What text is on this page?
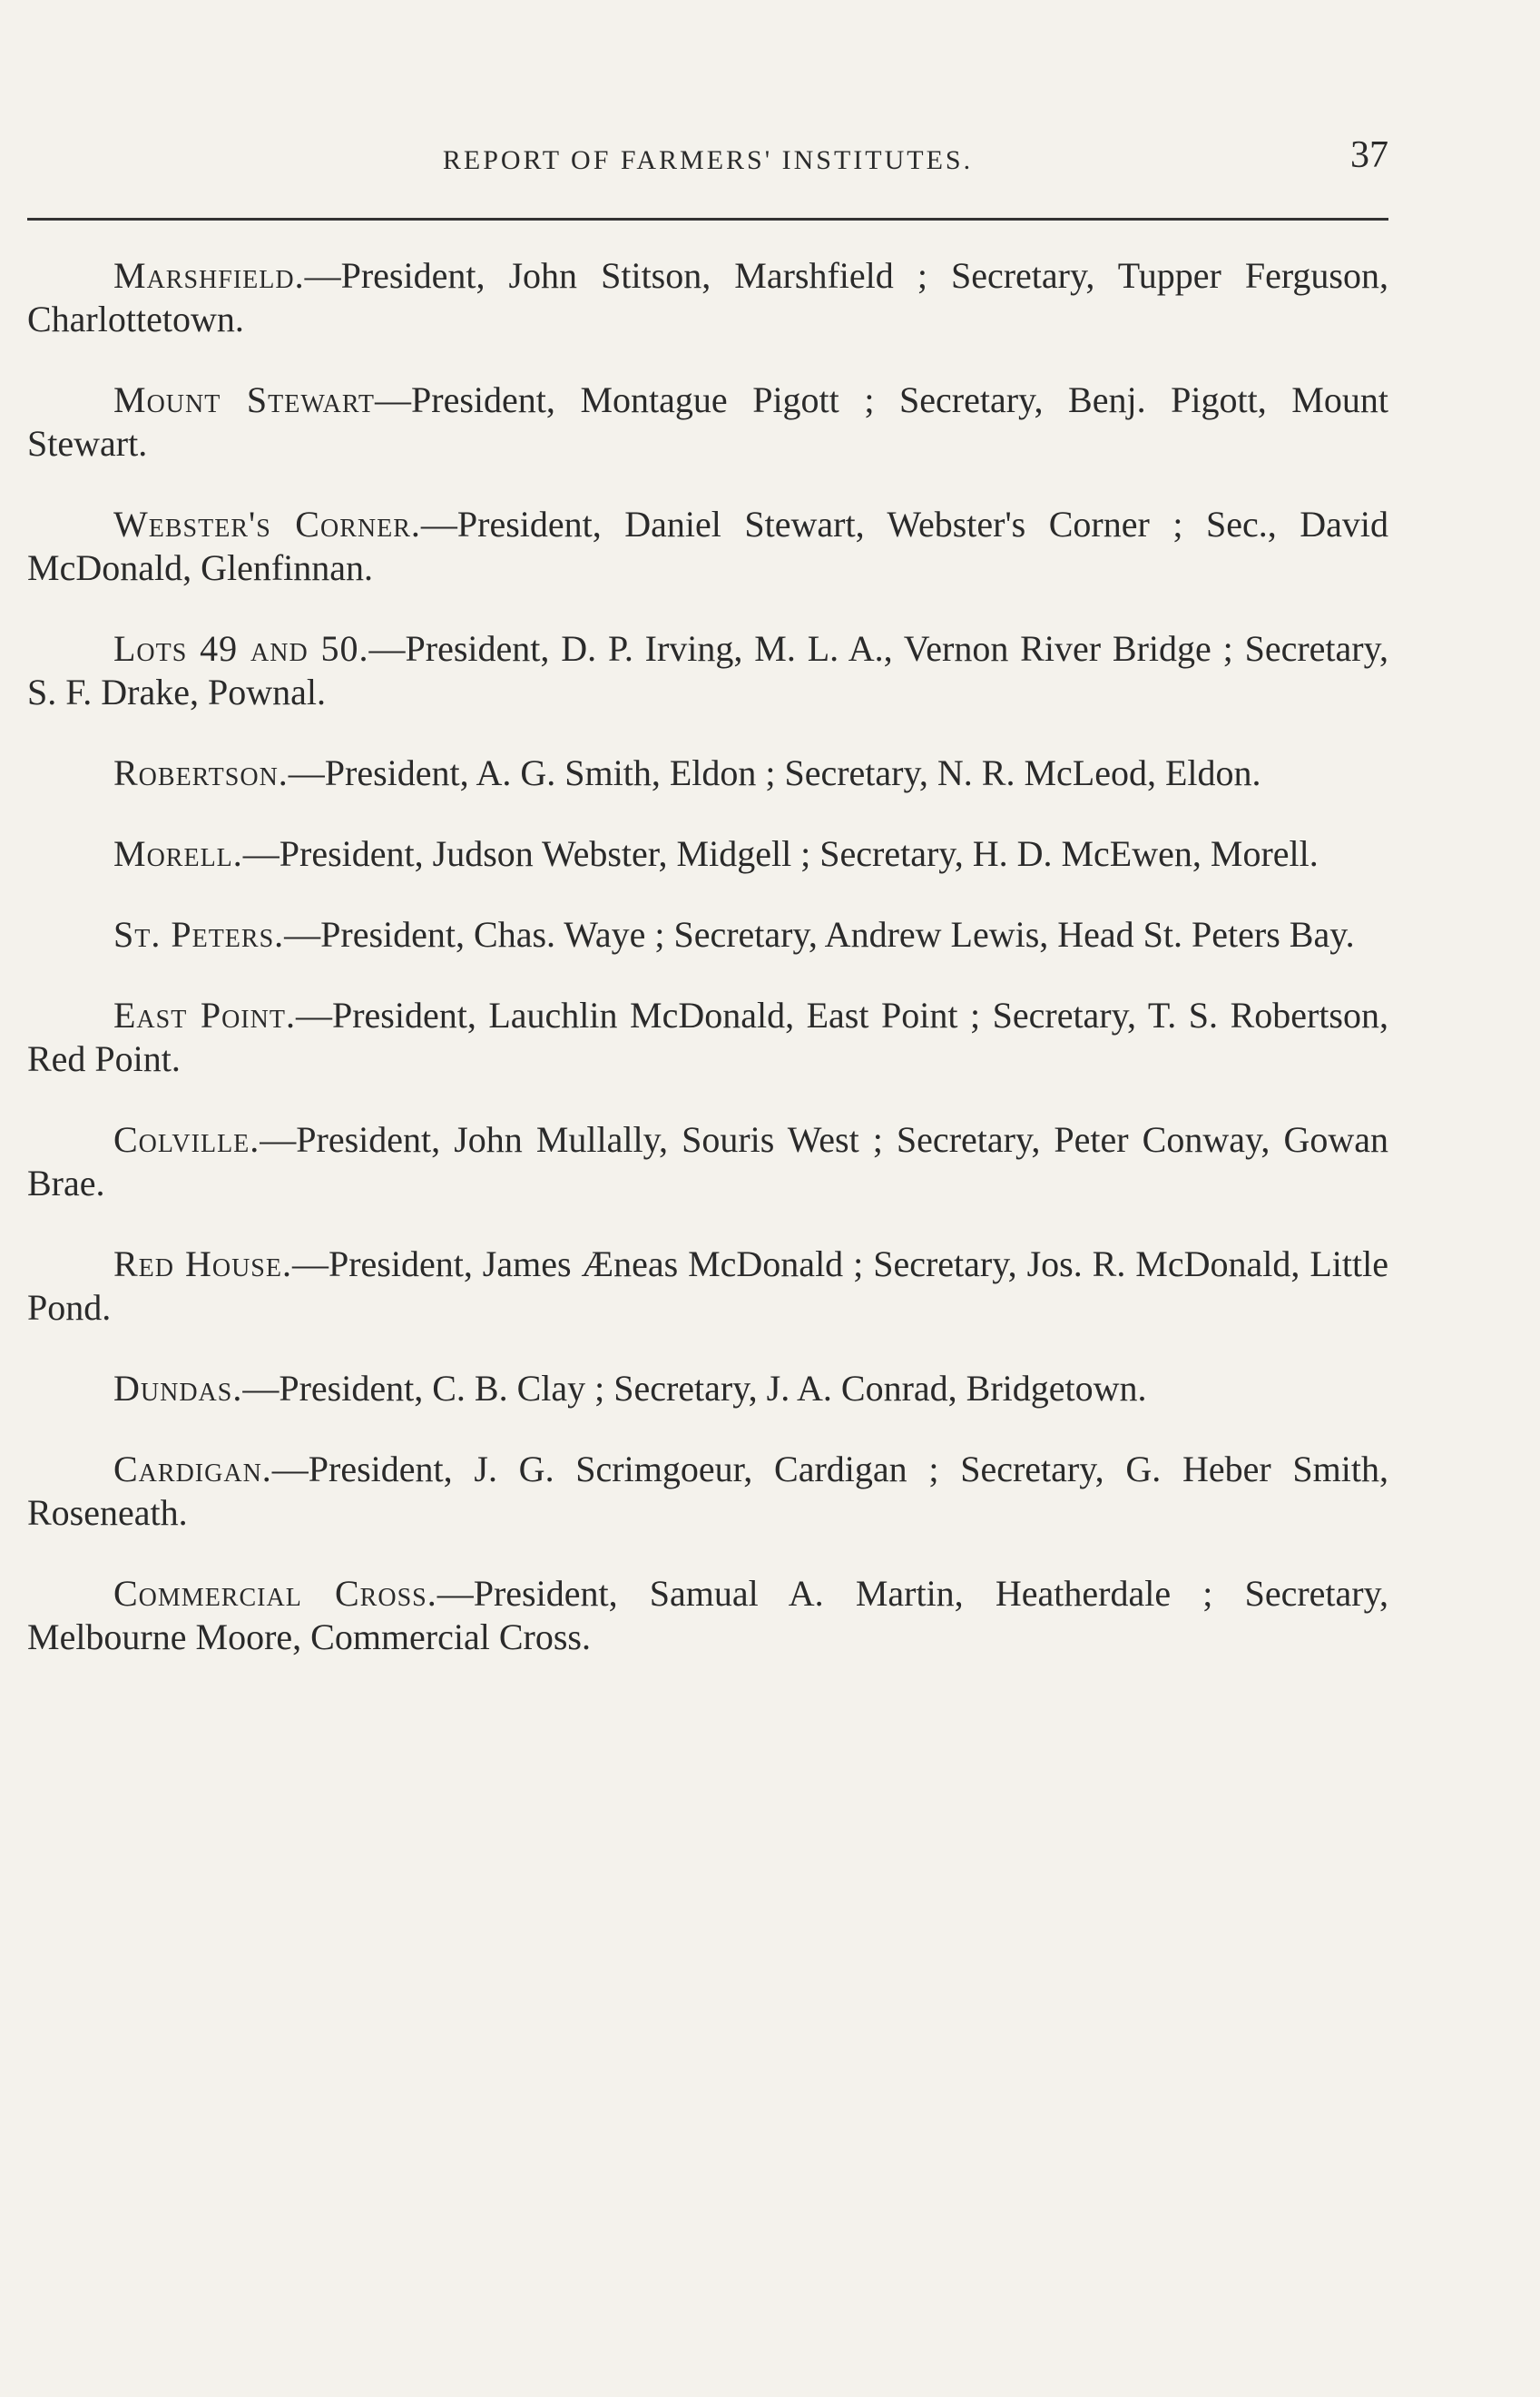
REPORT OF FARMERS' INSTITUTES.	37

Marshfield.—President, John Stitson, Marshfield ; Secretary, Tupper Ferguson, Charlottetown.

Mount Stewart—President, Montague Pigott ; Secretary, Benj. Pigott, Mount Stewart.

Webster's Corner.—President, Daniel Stewart, Webster's Corner ; Sec., David McDonald, Glenfinnan.

Lots 49 and 50.—President, D. P. Irving, M. L. A., Vernon River Bridge ; Secretary, S. F. Drake, Pownal.

Robertson.—President, A. G. Smith, Eldon ; Secretary, N. R. McLeod, Eldon.

Morell.—President, Judson Webster, Midgell ; Secretary, H. D. McEwen, Morell.

St. Peters.—President, Chas. Waye ; Secretary, Andrew Lewis, Head St. Peters Bay.

East Point.—President, Lauchlin McDonald, East Point ; Secretary, T. S. Robertson, Red Point.

Colville.—President, John Mullally, Souris West ; Secretary, Peter Conway, Gowan Brae.

Red House.—President, James Æneas McDonald ; Secretary, Jos. R. McDonald, Little Pond.

Dundas.—President, C. B. Clay ; Secretary, J. A. Conrad, Bridgetown.

Cardigan.—President, J. G. Scrimgoeur, Cardigan ; Secretary, G. Heber Smith, Roseneath.

Commercial Cross.—President, Samual A. Martin, Heatherdale ; Secretary, Melbourne Moore, Commercial Cross.
